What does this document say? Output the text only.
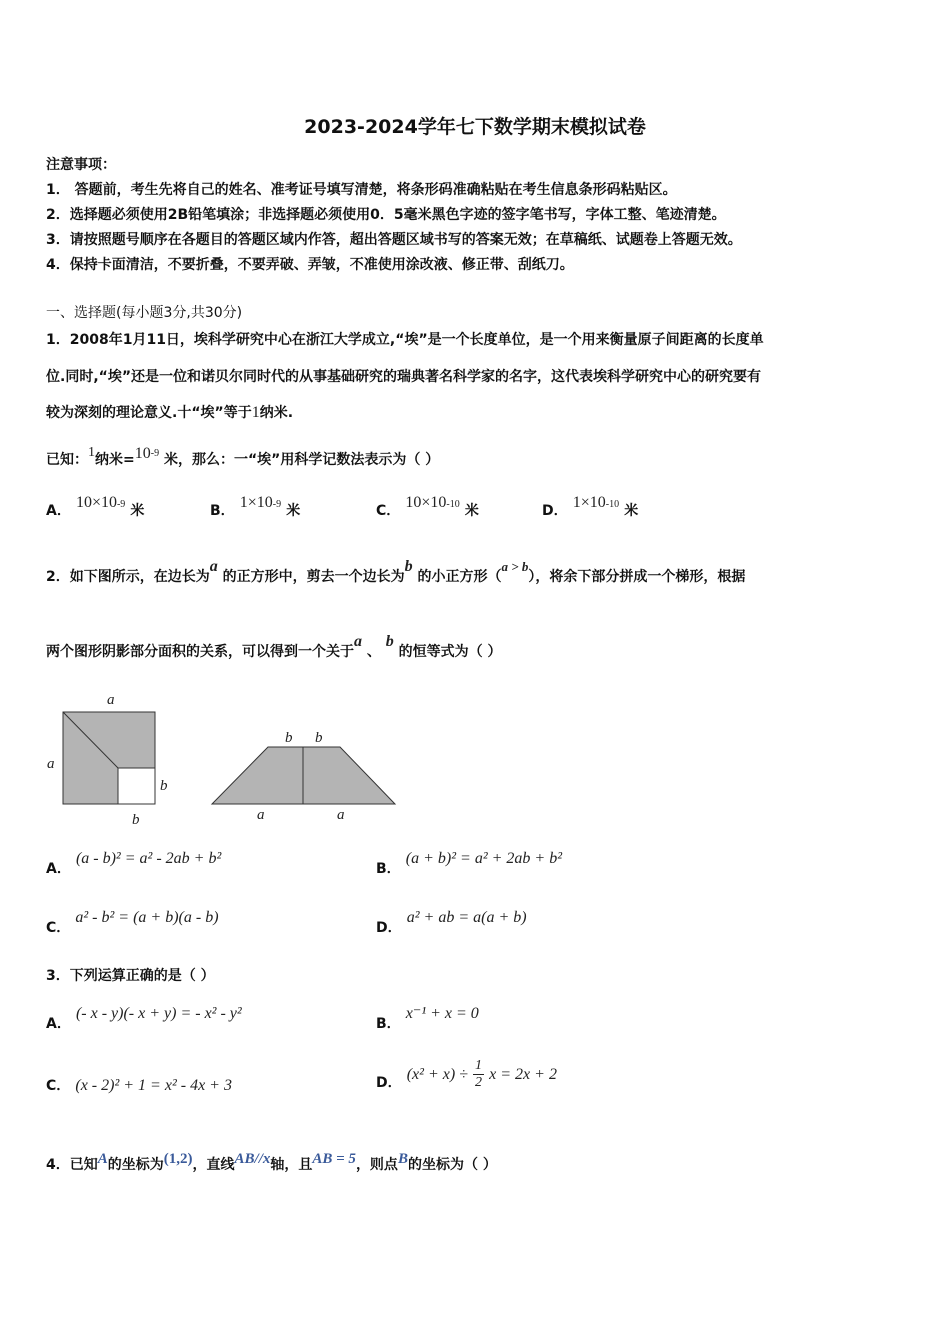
2023-2024学年七下数学期末模拟试卷
注意事项：
1． 答题前，考生先将自己的姓名、准考证号填写清楚，将条形码准确粘贴在考生信息条形码粘贴区。
2．选择题必须使用2B铅笔填涂；非选择题必须使用0．5毫米黑色字迹的签字笔书写，字体工整、笔迹清楚。
3．请按照题号顺序在各题目的答题区域内作答，超出答题区域书写的答案无效；在草稿纸、试题卷上答题无效。
4．保持卡面清洁，不要折叠，不要弄破、弄皱，不准使用涂改液、修正带、刮纸刀。
一、选择题(每小题3分,共30分)
1．2008年1月11日，埃科学研究中心在浙江大学成立,“埃”是一个长度单位，是一个用来衡量原子间距离的长度单
位.同时,“埃”还是一位和诺贝尔同时代的从事基础研究的瑞典著名科学家的名字，这代表埃科学研究中心的研究要有
较为深刻的理论意义.十“埃”等于1纳米.
已知：1纳米$=10^{-9}$ 米，那么：一“埃”用科学记数法表示为（ ）
A． $10\times 10^{-9}$ 米	B． $1\times 10^{-9}$ 米	C． $10\times 10^{-10}$ 米	D． $1\times 10^{-10}$ 米
2．如下图所示，在边长为a 的正方形中，剪去一个边长为b 的小正方形（a > b），将余下部分拼成一个梯形，根据
两个图形阴影部分面积的关系，可以得到一个关于a 、 b 的恒等式为（ ）
a
a
b
b
b b
a	a
A． (a - b)² = a² - 2ab + b²
B． (a + b)² = a² + 2ab + b²
C． a² - b² = (a + b)(a - b)
D． a² + ab = a(a + b)
3．下列运算正确的是（ ）
A． (- x - y)(- x + y) = - x² - y²
B． x⁻¹ + x = 0
C． (x - 2)² + 1 = x² - 4x + 3	D． $(x^2 + x) \div \frac{1}{2}$ x = 2x + 2
4．已知A的坐标为(1,2)，直线AB//x轴，且AB = 5，则点B的坐标为（ ）
